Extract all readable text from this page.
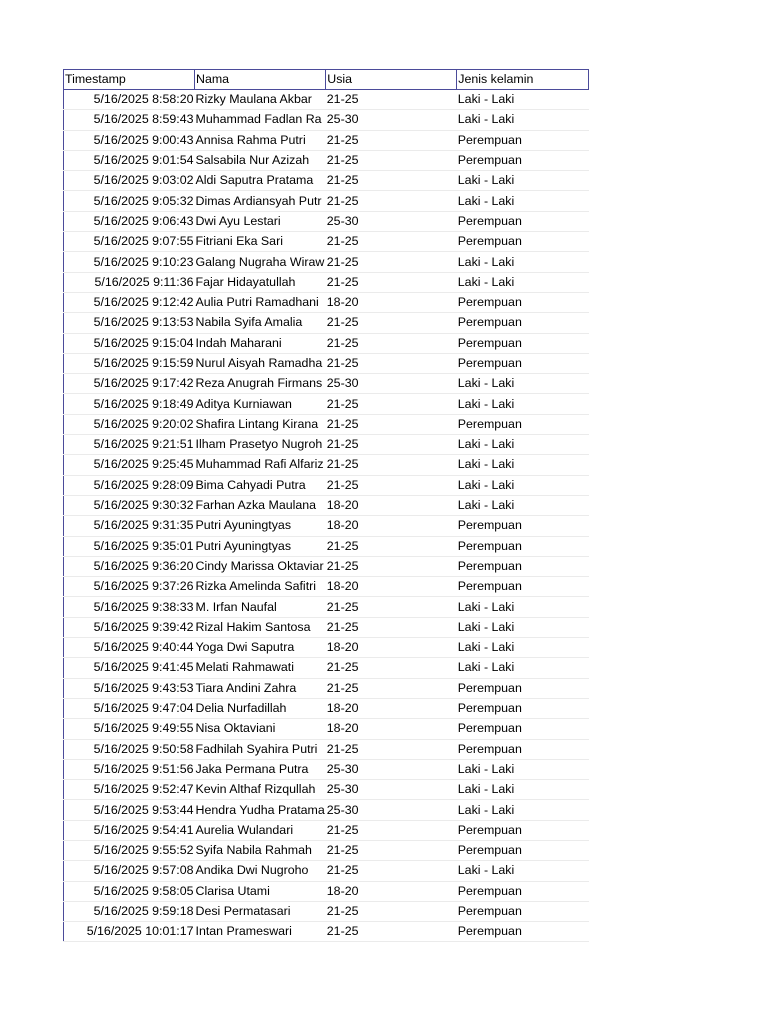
Timestamp	Nama	Usia	Jenis kelamin
5/16/2025 8:58:20	Rizky Maulana Akbar	21-25	Laki - Laki
5/16/2025 8:59:43	Muhammad Fadlan Ra	25-30	Laki - Laki
5/16/2025 9:00:43	Annisa Rahma Putri	21-25	Perempuan
5/16/2025 9:01:54	Salsabila Nur Azizah	21-25	Perempuan
5/16/2025 9:03:02	Aldi Saputra Pratama	21-25	Laki - Laki
5/16/2025 9:05:32	Dimas Ardiansyah Putr	21-25	Laki - Laki
5/16/2025 9:06:43	Dwi Ayu Lestari	25-30	Perempuan
5/16/2025 9:07:55	Fitriani Eka Sari	21-25	Perempuan
5/16/2025 9:10:23	Galang Nugraha Wiraw	21-25	Laki - Laki
5/16/2025 9:11:36	Fajar Hidayatullah	21-25	Laki - Laki
5/16/2025 9:12:42	Aulia Putri Ramadhani	18-20	Perempuan
5/16/2025 9:13:53	Nabila Syifa Amalia	21-25	Perempuan
5/16/2025 9:15:04	Indah Maharani	21-25	Perempuan
5/16/2025 9:15:59	Nurul Aisyah Ramadha	21-25	Perempuan
5/16/2025 9:17:42	Reza Anugrah Firmans	25-30	Laki - Laki
5/16/2025 9:18:49	Aditya Kurniawan	21-25	Laki - Laki
5/16/2025 9:20:02	Shafira Lintang Kirana	21-25	Perempuan
5/16/2025 9:21:51	Ilham Prasetyo Nugroh	21-25	Laki - Laki
5/16/2025 9:25:45	Muhammad Rafi Alfariz	21-25	Laki - Laki
5/16/2025 9:28:09	Bima Cahyadi Putra	21-25	Laki - Laki
5/16/2025 9:30:32	Farhan Azka Maulana	18-20	Laki - Laki
5/16/2025 9:31:35	Putri Ayuningtyas	18-20	Perempuan
5/16/2025 9:35:01	Putri Ayuningtyas	21-25	Perempuan
5/16/2025 9:36:20	Cindy Marissa Oktaviar	21-25	Perempuan
5/16/2025 9:37:26	Rizka Amelinda Safitri	18-20	Perempuan
5/16/2025 9:38:33	M. Irfan Naufal	21-25	Laki - Laki
5/16/2025 9:39:42	Rizal Hakim Santosa	21-25	Laki - Laki
5/16/2025 9:40:44	Yoga Dwi Saputra	18-20	Laki - Laki
5/16/2025 9:41:45	Melati Rahmawati	21-25	Laki - Laki
5/16/2025 9:43:53	Tiara Andini Zahra	21-25	Perempuan
5/16/2025 9:47:04	Delia Nurfadillah	18-20	Perempuan
5/16/2025 9:49:55	Nisa Oktaviani	18-20	Perempuan
5/16/2025 9:50:58	Fadhilah Syahira Putri	21-25	Perempuan
5/16/2025 9:51:56	Jaka Permana Putra	25-30	Laki - Laki
5/16/2025 9:52:47	Kevin Althaf Rizqullah	25-30	Laki - Laki
5/16/2025 9:53:44	Hendra Yudha Pratama	25-30	Laki - Laki
5/16/2025 9:54:41	Aurelia Wulandari	21-25	Perempuan
5/16/2025 9:55:52	Syifa Nabila Rahmah	21-25	Perempuan
5/16/2025 9:57:08	Andika Dwi Nugroho	21-25	Laki - Laki
5/16/2025 9:58:05	Clarisa Utami	18-20	Perempuan
5/16/2025 9:59:18	Desi Permatasari	21-25	Perempuan
5/16/2025 10:01:17	Intan Prameswari	21-25	Perempuan
